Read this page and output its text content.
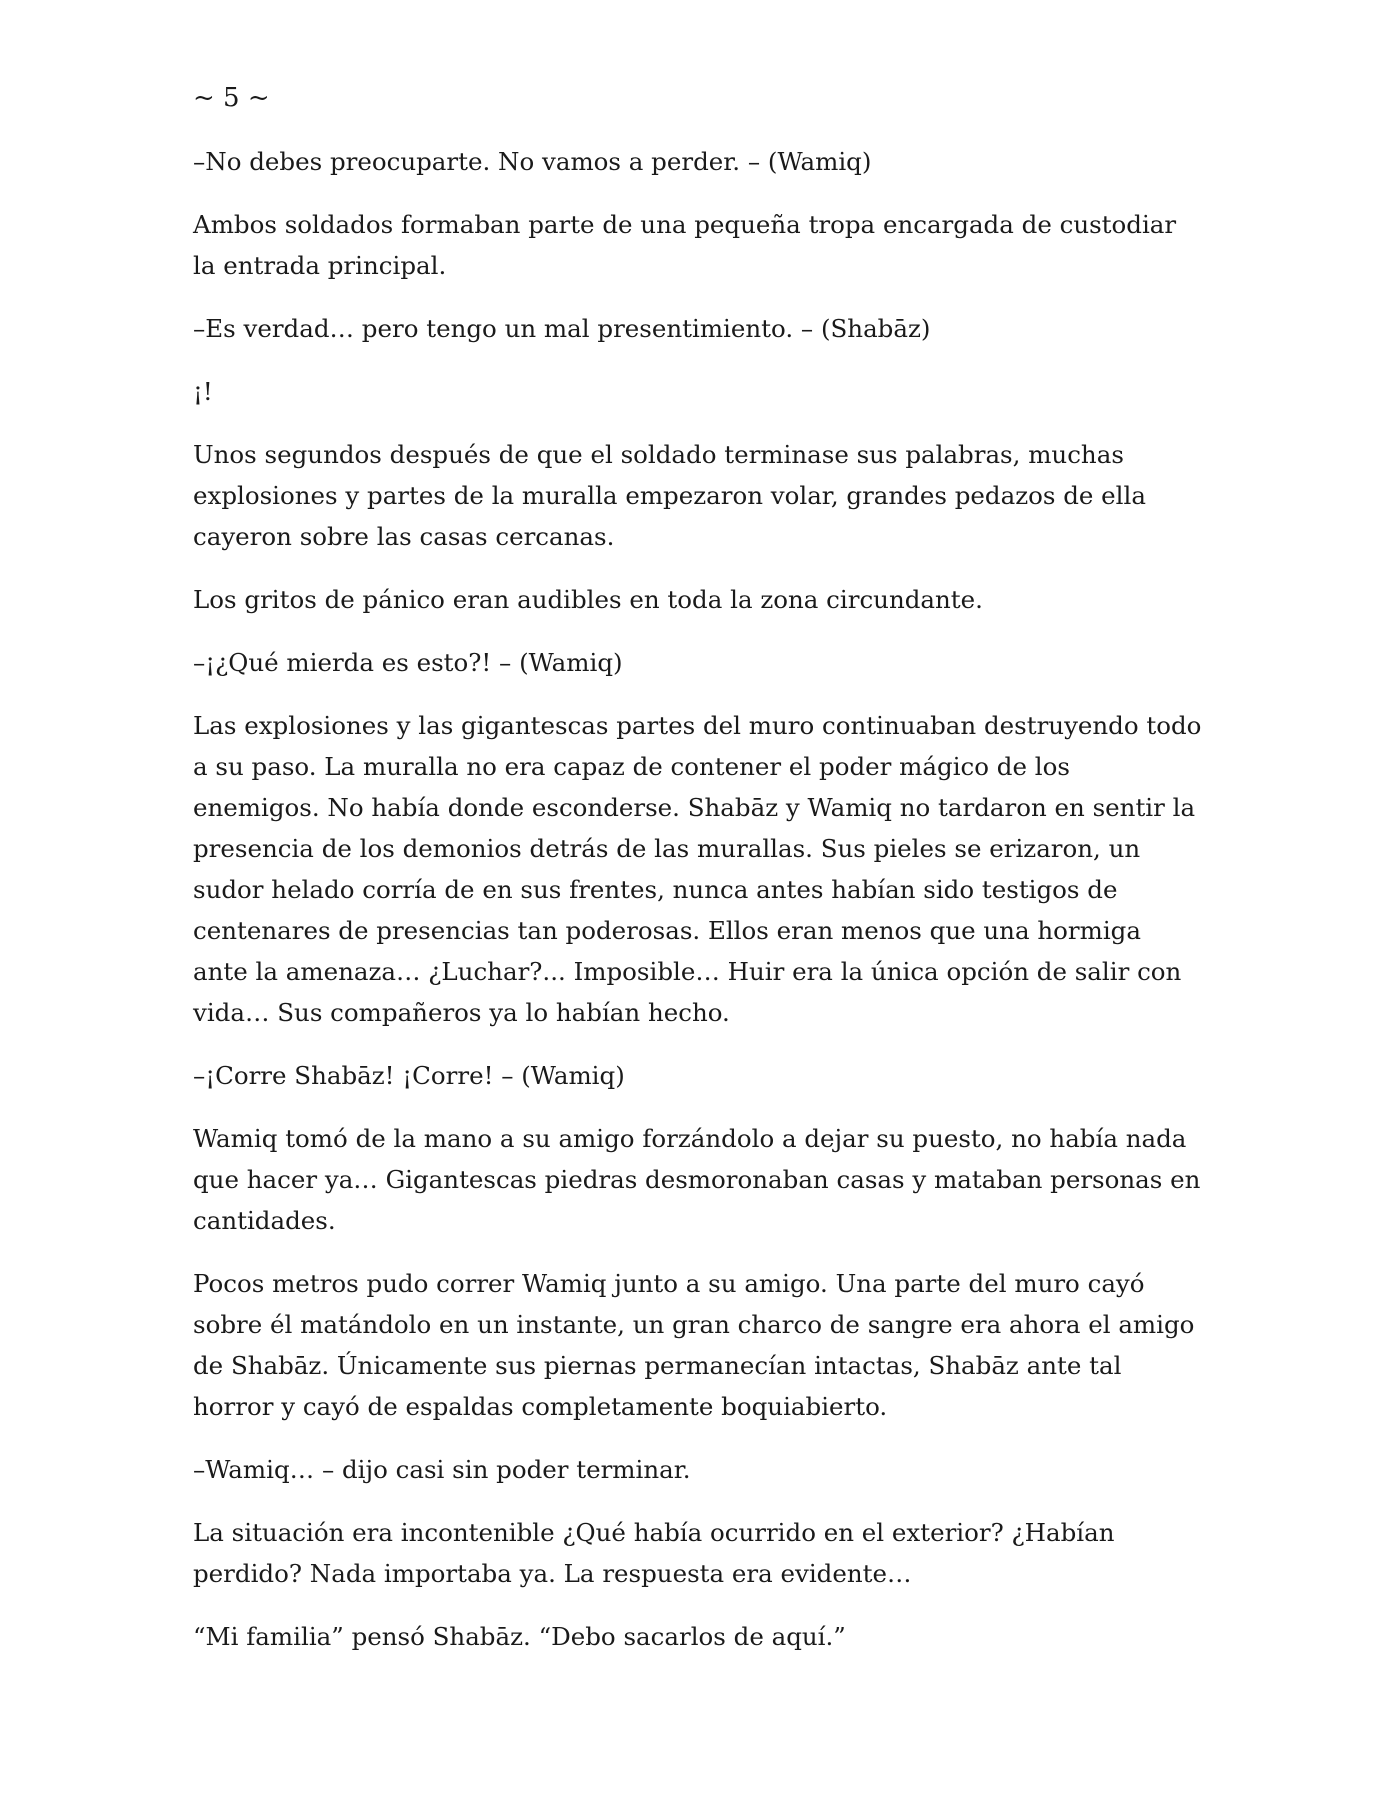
~ 5 ~

–No debes preocuparte. No vamos a perder. – (Wamiq)

Ambos soldados formaban parte de una pequeña tropa encargada de custodiar la entrada principal.

–Es verdad… pero tengo un mal presentimiento. – (Shabāz)

¡!

Unos segundos después de que el soldado terminase sus palabras, muchas explosiones y partes de la muralla empezaron volar, grandes pedazos de ella cayeron sobre las casas cercanas.

Los gritos de pánico eran audibles en toda la zona circundante.

–¡¿Qué mierda es esto?! – (Wamiq)

Las explosiones y las gigantescas partes del muro continuaban destruyendo todo a su paso. La muralla no era capaz de contener el poder mágico de los enemigos. No había donde esconderse. Shabāz y Wamiq no tardaron en sentir la presencia de los demonios detrás de las murallas. Sus pieles se erizaron, un sudor helado corría de en sus frentes, nunca antes habían sido testigos de centenares de presencias tan poderosas. Ellos eran menos que una hormiga ante la amenaza… ¿Luchar?... Imposible… Huir era la única opción de salir con vida… Sus compañeros ya lo habían hecho.

–¡Corre Shabāz! ¡Corre! – (Wamiq)

Wamiq tomó de la mano a su amigo forzándolo a dejar su puesto, no había nada que hacer ya… Gigantescas piedras desmoronaban casas y mataban personas en cantidades.

Pocos metros pudo correr Wamiq junto a su amigo. Una parte del muro cayó sobre él matándolo en un instante, un gran charco de sangre era ahora el amigo de Shabāz. Únicamente sus piernas permanecían intactas, Shabāz ante tal horror y cayó de espaldas completamente boquiabierto.

–Wamiq… – dijo casi sin poder terminar.

La situación era incontenible ¿Qué había ocurrido en el exterior? ¿Habían perdido? Nada importaba ya. La respuesta era evidente…

“Mi familia” pensó Shabāz. “Debo sacarlos de aquí.”
